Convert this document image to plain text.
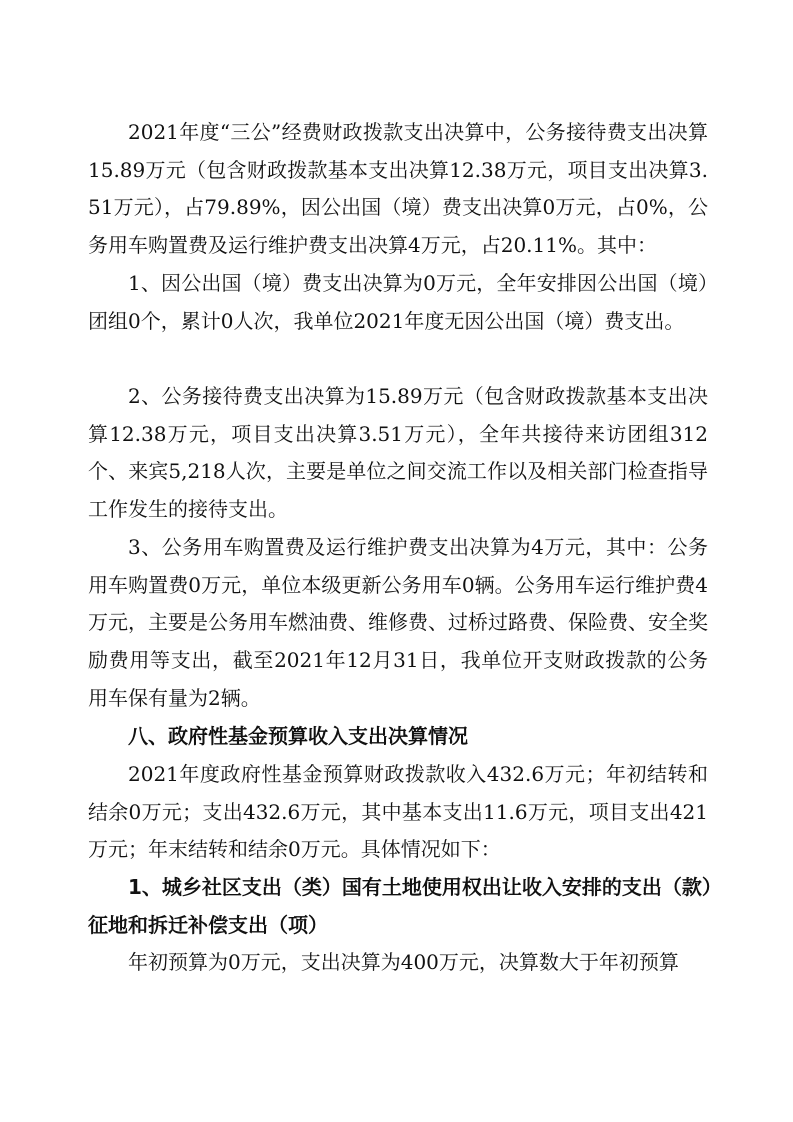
2021年度“三公”经费财政拨款支出决算中，公务接待费支出决算15.89万元（包含财政拨款基本支出决算12.38万元，项目支出决算3.51万元），占79.89%，因公出国（境）费支出决算0万元，占0%，公务用车购置费及运行维护费支出决算4万元，占20.11%。其中：

1、因公出国（境）费支出决算为0万元，全年安排因公出国（境）团组0个，累计0人次，我单位2021年度无因公出国（境）费支出。

2、公务接待费支出决算为15.89万元（包含财政拨款基本支出决算12.38万元，项目支出决算3.51万元），全年共接待来访团组312个、来宾5,218人次，主要是单位之间交流工作以及相关部门检查指导工作发生的接待支出。

3、公务用车购置费及运行维护费支出决算为4万元，其中：公务用车购置费0万元，单位本级更新公务用车0辆。公务用车运行维护费4万元，主要是公务用车燃油费、维修费、过桥过路费、保险费、安全奖励费用等支出，截至2021年12月31日，我单位开支财政拨款的公务用车保有量为2辆。

八、政府性基金预算收入支出决算情况

2021年度政府性基金预算财政拨款收入432.6万元；年初结转和结余0万元；支出432.6万元，其中基本支出11.6万元，项目支出421万元；年末结转和结余0万元。具体情况如下：

1、城乡社区支出（类）国有土地使用权出让收入安排的支出（款）征地和拆迁补偿支出（项）

年初预算为0万元，支出决算为400万元，决算数大于年初预算
